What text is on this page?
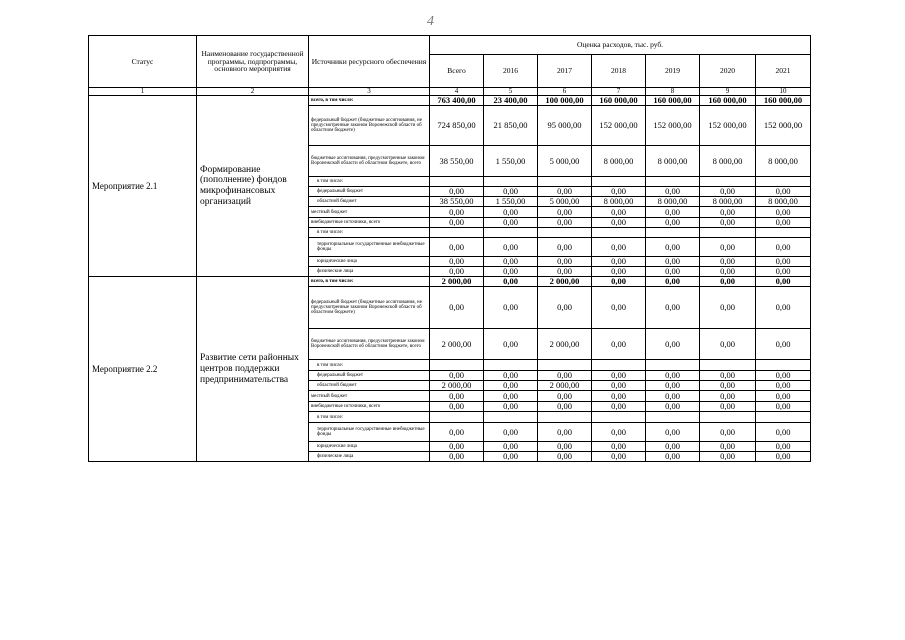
4
Статус	Наименование государственной программы, подпрограммы, основного мероприятия	Источники ресурсного обеспечения	Оценка расходов, тыс. руб.						
			Всего	2016	2017	2018	2019	2020	2021
1	2	3	4	5	6	7	8	9	10
Мероприятие 2.1	Формирование (пополнение) фондов микрофинансовых организаций	всего, в том числе:	763 400,00	23 400,00	100 000,00	160 000,00	160 000,00	160 000,00	160 000,00
		федеральный бюджет (бюджетные ассигнования, не предусмотренные законом Воронежской области об областном бюджете)	724 850,00	21 850,00	95 000,00	152 000,00	152 000,00	152 000,00	152 000,00
		бюджетные ассигнования, предусмотренные законом Воронежской области об областном бюджете, всего	38 550,00	1 550,00	5 000,00	8 000,00	8 000,00	8 000,00	8 000,00
		в том числе:							
		федеральный бюджет	0,00	0,00	0,00	0,00	0,00	0,00	0,00
		областной бюджет	38 550,00	1 550,00	5 000,00	8 000,00	8 000,00	8 000,00	8 000,00
		местный бюджет	0,00	0,00	0,00	0,00	0,00	0,00	0,00
		внебюджетные источники, всего	0,00	0,00	0,00	0,00	0,00	0,00	0,00
		в том числе:							
		территориальные государственные внебюджетные фонды	0,00	0,00	0,00	0,00	0,00	0,00	0,00
		юридические лица	0,00	0,00	0,00	0,00	0,00	0,00	0,00
		физические лица	0,00	0,00	0,00	0,00	0,00	0,00	0,00
Мероприятие 2.2	Развитие сети районных центров поддержки предпринимательства	всего, в том числе:	2 000,00	0,00	2 000,00	0,00	0,00	0,00	0,00
		федеральный бюджет (бюджетные ассигнования, не предусмотренные законом Воронежской области об областном бюджете)	0,00	0,00	0,00	0,00	0,00	0,00	0,00
		бюджетные ассигнования, предусмотренные законом Воронежской области об областном бюджете, всего	2 000,00	0,00	2 000,00	0,00	0,00	0,00	0,00
		в том числе:							
		федеральный бюджет	0,00	0,00	0,00	0,00	0,00	0,00	0,00
		областной бюджет	2 000,00	0,00	2 000,00	0,00	0,00	0,00	0,00
		местный бюджет	0,00	0,00	0,00	0,00	0,00	0,00	0,00
		внебюджетные источники, всего	0,00	0,00	0,00	0,00	0,00	0,00	0,00
		в том числе:							
		территориальные государственные внебюджетные фонды	0,00	0,00	0,00	0,00	0,00	0,00	0,00
		юридические лица	0,00	0,00	0,00	0,00	0,00	0,00	0,00
		физические лица	0,00	0,00	0,00	0,00	0,00	0,00	0,00
